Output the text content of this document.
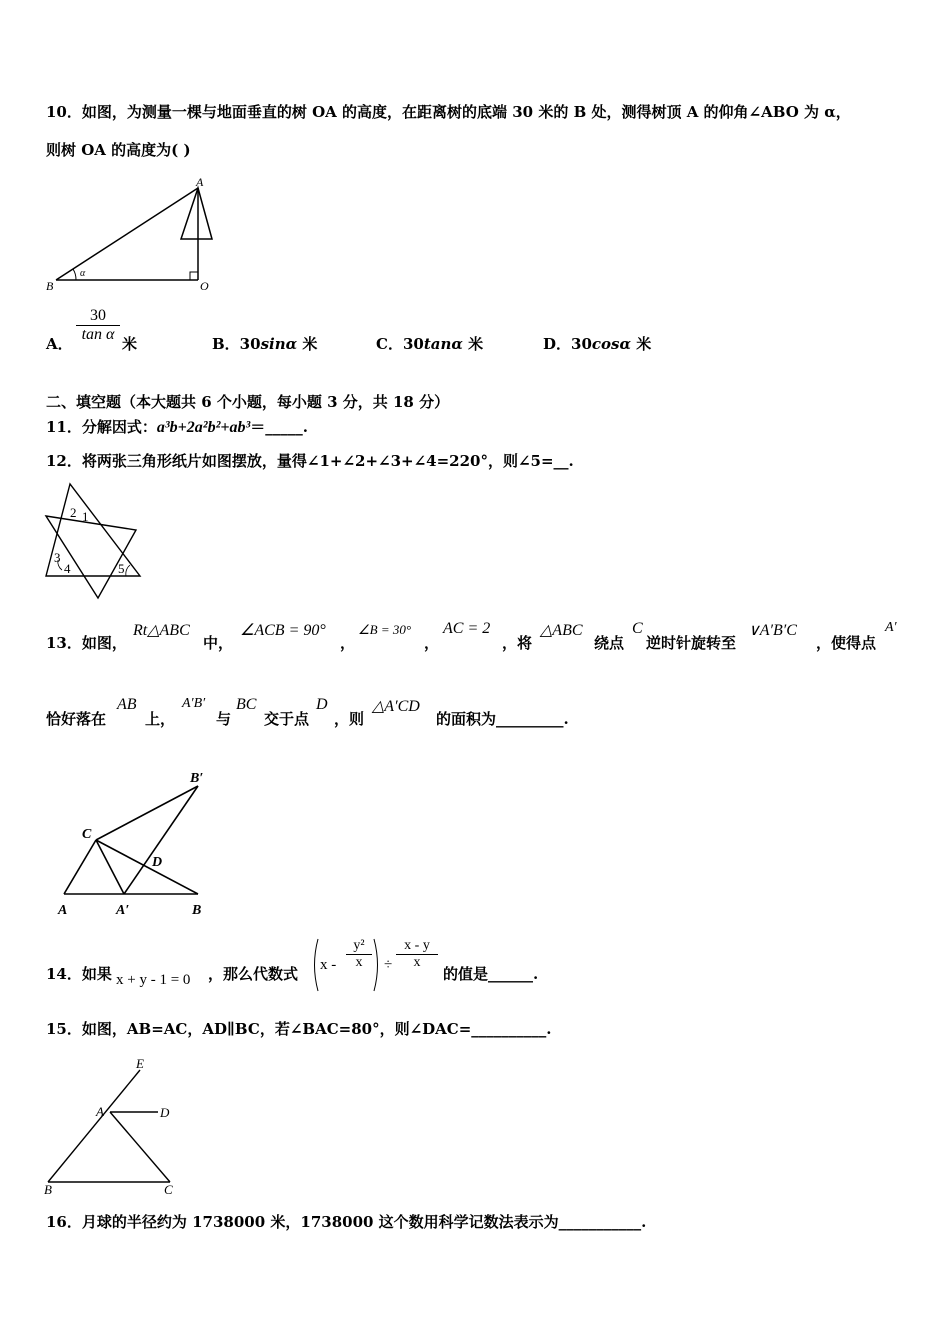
10．如图，为测量一棵与地面垂直的树 OA 的高度，在距离树的底端 30 米的 B 处，测得树顶 A 的仰角∠ABO 为 α，
则树 OA 的高度为( )
A
B	O
α
A． $\frac{30}{\text{tan α}}$ 米	B．30sinα 米	C．30tanα 米	D．30cosα 米
二、填空题（本大题共 6 个小题，每小题 3 分，共 18 分）
11．分解因式：a³b+2a²b²+ab³＝_____.
12．将两张三角形纸片如图摆放，量得∠1+∠2+∠3+∠4=220°，则∠5=__.
2 1
3
4	5
13．如图，
Rt△ABC
中，
∠ACB = 90°
，
∠B = 30°
，
AC = 2
，将
△ABC
绕点
C
逆时针旋转至
∨A′B′C
，使得点
A′
恰好落在
AB
上，
A′B′
与
BC
交于点
D
，则
△A′CD
的面积为_________.
B′
C
D
A	A′	B
14．如果 x + y - 1 = 0 ，那么代数式 $x - \frac{\text{y²}}{x} \div \frac{x - y}{x}$
的值是______.
15．如图，AB=AC，AD∥BC，若∠BAC=80°，则∠DAC=__________.
E
A	D
B	C
16．月球的半径约为 1738000 米，1738000 这个数用科学记数法表示为___________.
